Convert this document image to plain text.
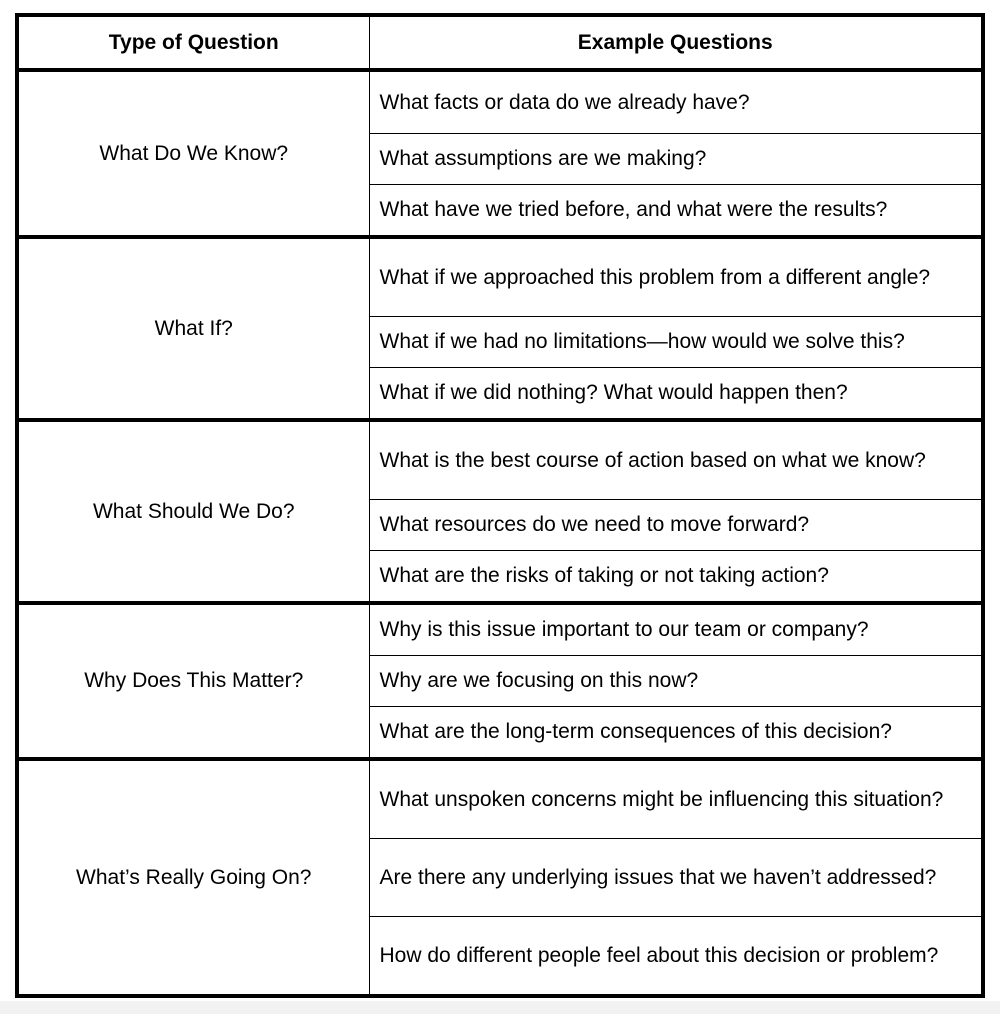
Type of Question	Example Questions
What Do We Know?	What facts or data do we already have?
	What assumptions are we making?
	What have we tried before, and what were the results?
What If?	What if we approached this problem from a different angle?
	What if we had no limitations—how would we solve this?
	What if we did nothing? What would happen then?
What Should We Do?	What is the best course of action based on what we know?
	What resources do we need to move forward?
	What are the risks of taking or not taking action?
Why Does This Matter?	Why is this issue important to our team or company?
	Why are we focusing on this now?
	What are the long-term consequences of this decision?
What’s Really Going On?	What unspoken concerns might be influencing this situation?
	Are there any underlying issues that we haven’t addressed?
	How do different people feel about this decision or problem?
